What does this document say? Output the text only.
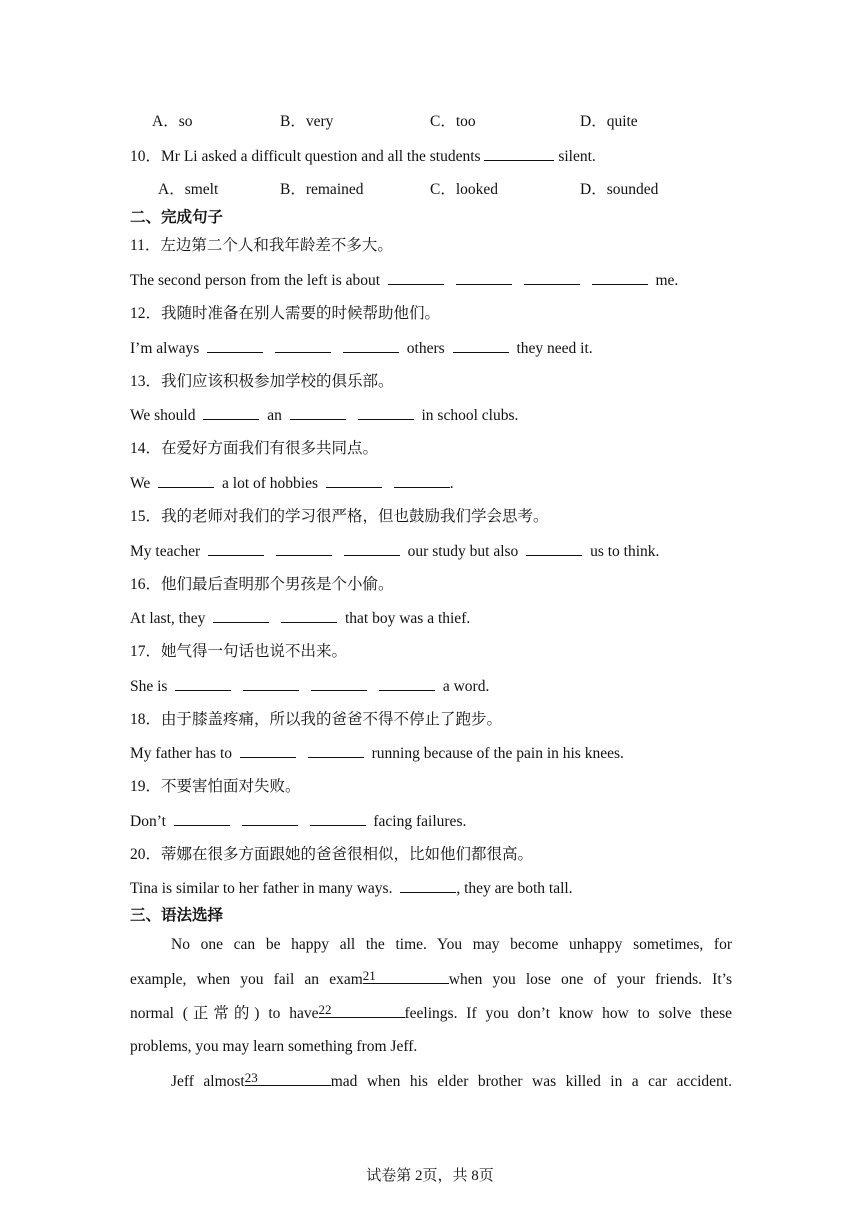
A．so	B．very	C．too	D．quite
10．Mr Li asked a difficult question and all the students	silent.
A．smelt	B．remained	C．looked	D．sounded
二、完成句子
11．左边第二个人和我年龄差不多大。
The second person from the left is about	me.
12．我随时准备在别人需要的时候帮助他们。
I’m always	others	they need it.
13．我们应该积极参加学校的俱乐部。
We should	an	in school clubs.
14．在爱好方面我们有很多共同点。
We	a lot of hobbies	.
15．我的老师对我们的学习很严格，但也鼓励我们学会思考。
My teacher	our study but also	us to think.
16．他们最后查明那个男孩是个小偷。
At last, they	that boy was a thief.
17．她气得一句话也说不出来。
She is	a word.
18．由于膝盖疼痛，所以我的爸爸不得不停止了跑步。
My father has to	running because of the pain in his knees.
19．不要害怕面对失败。
Don’t	facing failures.
20．蒂娜在很多方面跟她的爸爸很相似，比如他们都很高。
Tina is similar to her father in many ways.	, they are both tall.
三、语法选择
No one can be happy all the time. You may become unhappy sometimes, for
example, when you fail an exam 21	when you lose one of your friends. It’s
normal (正常的) to have 22	feelings. If you don’t know how to solve these
problems, you may learn something from Jeff.
Jeff almost 23	mad when his elder brother was killed in a car accident.
试卷第 2页，共 8页
